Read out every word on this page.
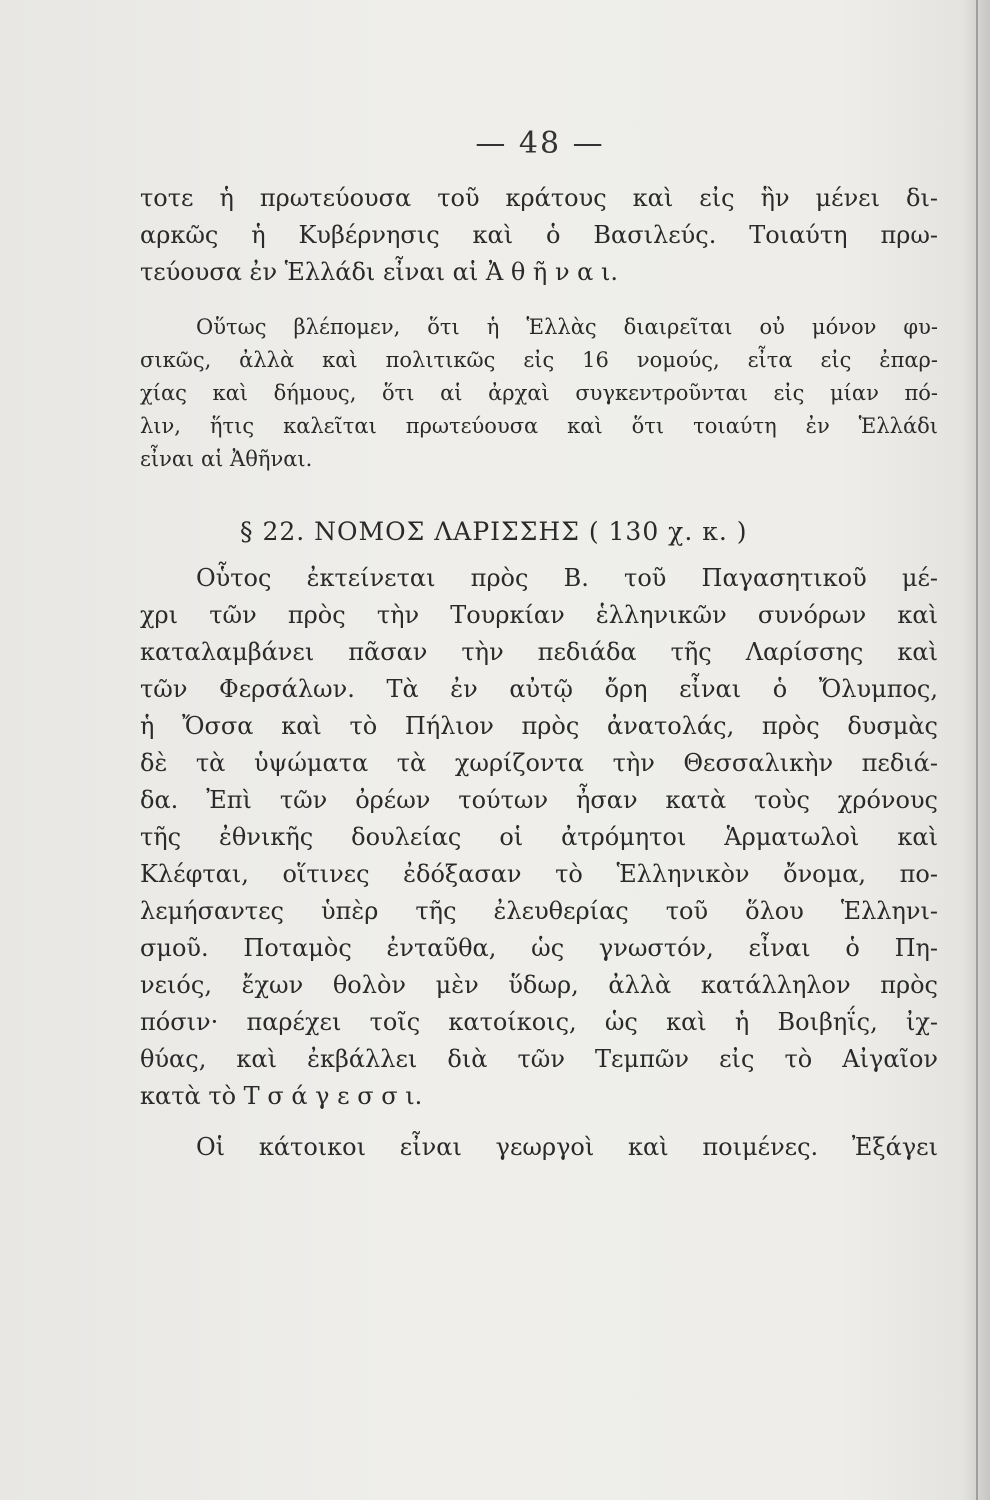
— 48 —
τοτε ἡ πρωτεύουσα τοῦ κράτους καὶ εἰς ἣν μένει δι-
αρκῶς ἡ Κυβέρνησις καὶ ὁ Βασιλεύς. Τοιαύτη πρω-
τεύουσα ἐν Ἑλλάδι εἶναι αἱ Ἀ θ ῆ ν α ι.
Οὕτως βλέπομεν, ὅτι ἡ Ἑλλὰς διαιρεῖται οὐ μόνον φυ-
σικῶς, ἀλλὰ καὶ πολιτικῶς εἰς 16 νομούς, εἶτα εἰς ἐπαρ-
χίας καὶ δήμους, ὅτι αἱ ἀρχαὶ συγκεντροῦνται εἰς μίαν πό-
λιν, ἥτις καλεῖται πρωτεύουσα καὶ ὅτι τοιαύτη ἐν Ἑλλάδι
εἶναι αἱ Ἀθῆναι.
§ 22. ΝΟΜΟΣ ΛΑΡΙΣΣΗΣ ( 130 χ. κ. )
Οὗτος ἐκτείνεται πρὸς Β. τοῦ Παγασητικοῦ μέ-
χρι τῶν πρὸς τὴν Τουρκίαν ἑλληνικῶν συνόρων καὶ
καταλαμβάνει πᾶσαν τὴν πεδιάδα τῆς Λαρίσσης καὶ
τῶν Φερσάλων. Τὰ ἐν αὐτῷ ὄρη εἶναι ὁ Ὄλυμπος,
ἡ Ὄσσα καὶ τὸ Πήλιον πρὸς ἀνατολάς, πρὸς δυσμὰς
δὲ τὰ ὑψώματα τὰ χωρίζοντα τὴν Θεσσαλικὴν πεδιά-
δα. Ἐπὶ τῶν ὀρέων τούτων ἦσαν κατὰ τοὺς χρόνους
τῆς ἐθνικῆς δουλείας οἱ ἀτρόμητοι Ἁρματωλοὶ καὶ
Κλέφται, οἵτινες ἐδόξασαν τὸ Ἑλληνικὸν ὄνομα, πο-
λεμήσαντες ὑπὲρ τῆς ἐλευθερίας τοῦ ὅλου Ἑλληνι-
σμοῦ. Ποταμὸς ἐνταῦθα, ὡς γνωστόν, εἶναι ὁ Πη-
νειός, ἔχων θολὸν μὲν ὕδωρ, ἀλλὰ κατάλληλον πρὸς
πόσιν· παρέχει τοῖς κατοίκοις, ὡς καὶ ἡ Βοιβηΐς, ἰχ-
θύας, καὶ ἐκβάλλει διὰ τῶν Τεμπῶν εἰς τὸ Αἰγαῖον
κατὰ τὸ Τ σ ά γ ε σ σ ι.
Οἱ κάτοικοι εἶναι γεωργοὶ καὶ ποιμένες. Ἐξάγει
